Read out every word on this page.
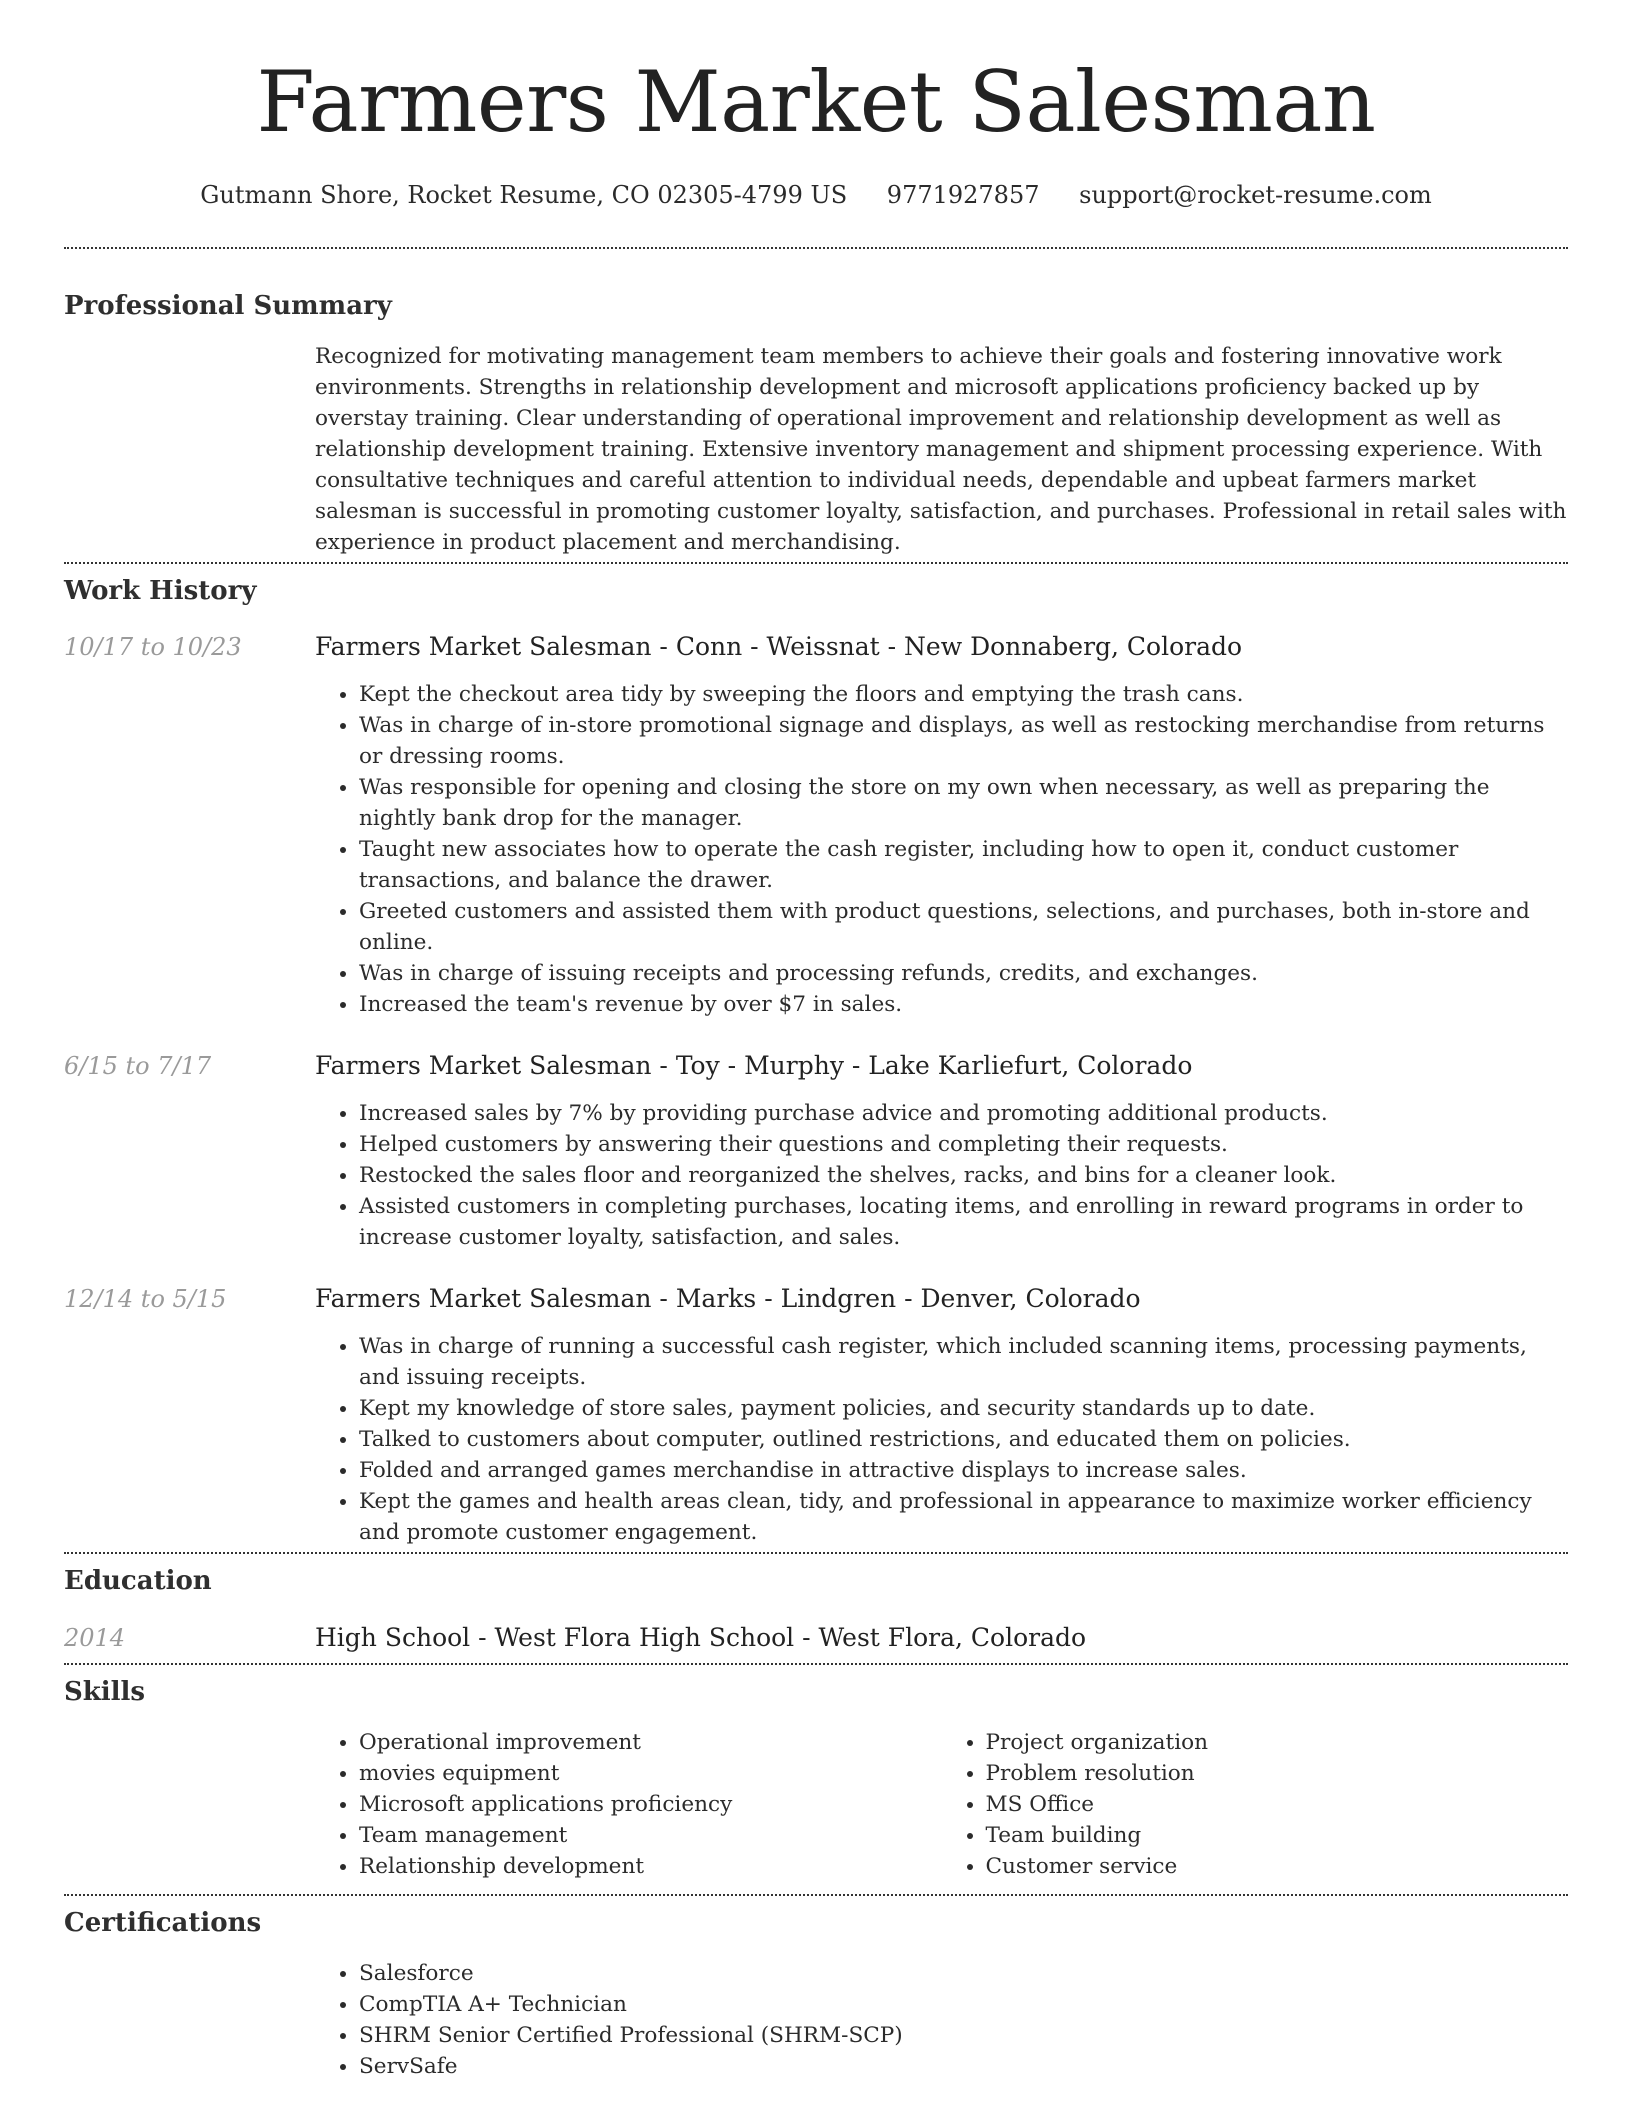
Farmers Market Salesman
Gutmann Shore, Rocket Resume, CO 02305-4799 US 9771927857 support@rocket-resume.com
Professional Summary
Recognized for motivating management team members to achieve their goals and fostering innovative work environments. Strengths in relationship development and microsoft applications proficiency backed up by overstay training. Clear understanding of operational improvement and relationship development as well as relationship development training. Extensive inventory management and shipment processing experience. With consultative techniques and careful attention to individual needs, dependable and upbeat farmers market salesman is successful in promoting customer loyalty, satisfaction, and purchases. Professional in retail sales with experience in product placement and merchandising.
Work History
10/17 to 10/23	Farmers Market Salesman - Conn - Weissnat - New Donnaberg, Colorado
• Kept the checkout area tidy by sweeping the floors and emptying the trash cans.
• Was in charge of in-store promotional signage and displays, as well as restocking merchandise from returns or dressing rooms.
• Was responsible for opening and closing the store on my own when necessary, as well as preparing the nightly bank drop for the manager.
• Taught new associates how to operate the cash register, including how to open it, conduct customer transactions, and balance the drawer.
• Greeted customers and assisted them with product questions, selections, and purchases, both in-store and online.
• Was in charge of issuing receipts and processing refunds, credits, and exchanges.
• Increased the team's revenue by over $7 in sales.
6/15 to 7/17	Farmers Market Salesman - Toy - Murphy - Lake Karliefurt, Colorado
• Increased sales by 7% by providing purchase advice and promoting additional products.
• Helped customers by answering their questions and completing their requests.
• Restocked the sales floor and reorganized the shelves, racks, and bins for a cleaner look.
• Assisted customers in completing purchases, locating items, and enrolling in reward programs in order to increase customer loyalty, satisfaction, and sales.
12/14 to 5/15	Farmers Market Salesman - Marks - Lindgren - Denver, Colorado
• Was in charge of running a successful cash register, which included scanning items, processing payments, and issuing receipts.
• Kept my knowledge of store sales, payment policies, and security standards up to date.
• Talked to customers about computer, outlined restrictions, and educated them on policies.
• Folded and arranged games merchandise in attractive displays to increase sales.
• Kept the games and health areas clean, tidy, and professional in appearance to maximize worker efficiency and promote customer engagement.
Education
2014	High School - West Flora High School - West Flora, Colorado
Skills
• Operational improvement
• movies equipment
• Microsoft applications proficiency
• Team management
• Relationship development
• Project organization
• Problem resolution
• MS Office
• Team building
• Customer service
Certifications
• Salesforce
• CompTIA A+ Technician
• SHRM Senior Certified Professional (SHRM-SCP)
• ServSafe
